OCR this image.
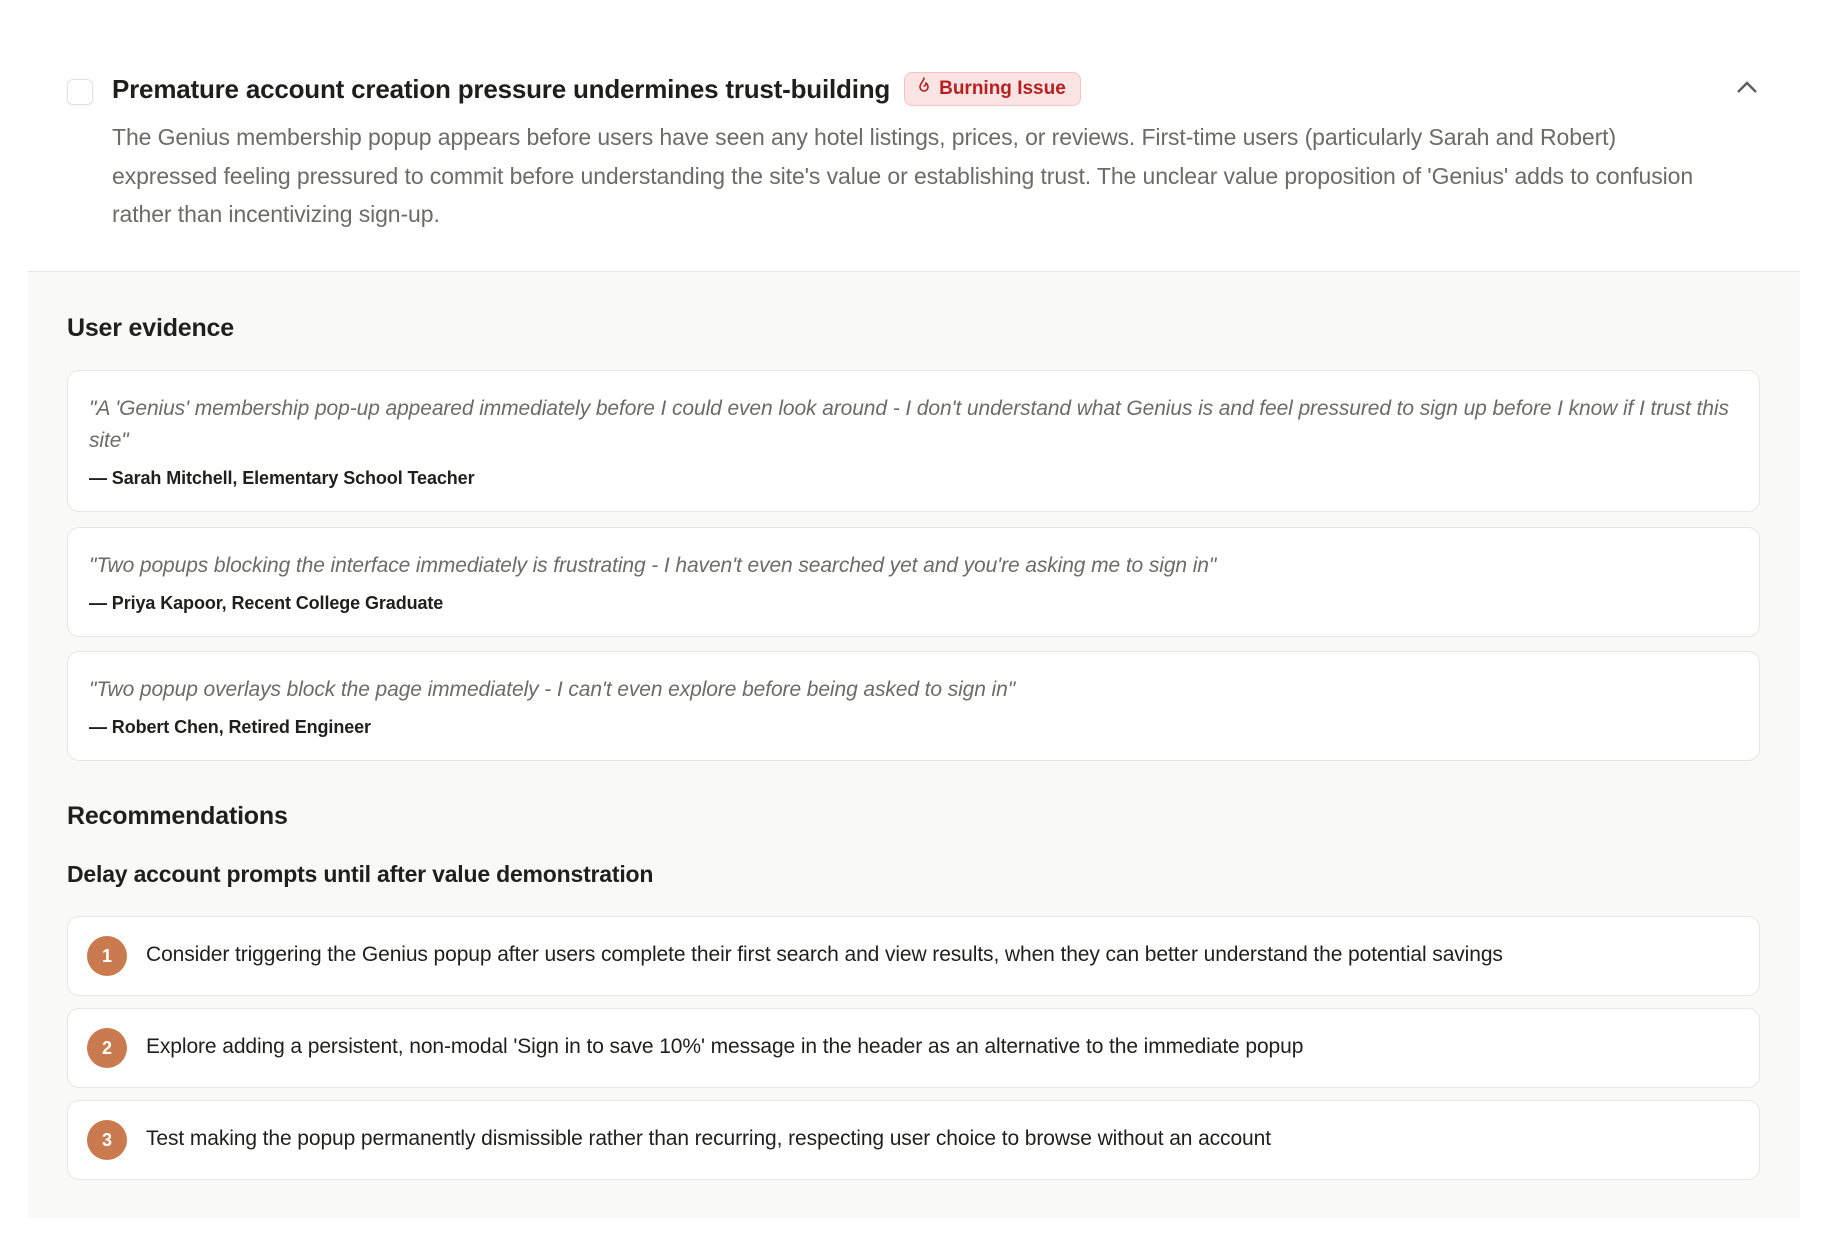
Premature account creation pressure undermines trust-building	Burning Issue
The Genius membership popup appears before users have seen any hotel listings, prices, or reviews. First-time users (particularly Sarah and Robert) expressed feeling pressured to commit before understanding the site's value or establishing trust. The unclear value proposition of 'Genius' adds to confusion rather than incentivizing sign-up.
User evidence
"A 'Genius' membership pop-up appeared immediately before I could even look around - I don't understand what Genius is and feel pressured to sign up before I know if I trust this site"
— Sarah Mitchell, Elementary School Teacher
"Two popups blocking the interface immediately is frustrating - I haven't even searched yet and you're asking me to sign in"
— Priya Kapoor, Recent College Graduate
"Two popup overlays block the page immediately - I can't even explore before being asked to sign in"
— Robert Chen, Retired Engineer
Recommendations
Delay account prompts until after value demonstration
1	Consider triggering the Genius popup after users complete their first search and view results, when they can better understand the potential savings
2	Explore adding a persistent, non-modal 'Sign in to save 10%' message in the header as an alternative to the immediate popup
3	Test making the popup permanently dismissible rather than recurring, respecting user choice to browse without an account
